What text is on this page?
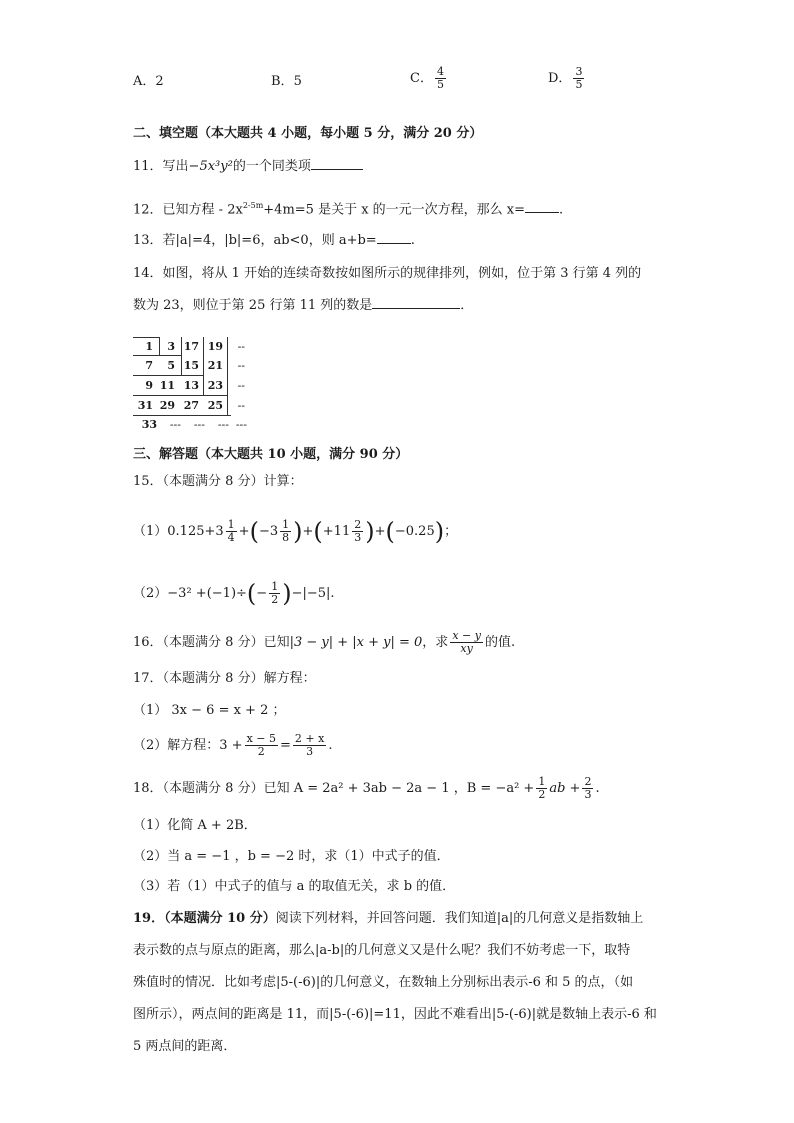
A．2	B．5	C． $\frac{4}{5}$	D． $\frac{3}{5}$
二、填空题（本大题共 4 小题，每小题 5 分，满分 20 分）
11．写出−5x³y²的一个同类项
12．已知方程 - $2x^{2-5m}+4m=5$ 是关于 x 的一元一次方程，那么 x=	.
13．若|a|=4，|b|=6，ab<0，则 a+b=	.
14．如图，将从 1 开始的连续奇数按如图所示的规律排列，例如，位于第 3 行第 4 列的
数为 23，则位于第 25 行第 11 列的数是	．
1	3 17 19	--
7	5 15 21	--
9 11 13 23	--
31 29 27 25	--
33	---	---	--- ---
三、解答题（本大题共 10 小题，满分 90 分）
15．（本题满分 8 分）计算：
$(1)0.125+3 \frac{1}{4} +(-3 \frac{1}{8} )+(+11 \frac{2}{3} )+(-0.25)$；
$(2)-3^2 +(-1)\div(- \frac{1}{2} )-|-5|$.
16．（本题满分 8 分）已知|3 − y| + |x + y| = 0，求 $\frac{x - y}{xy}$ 的值.
17．（本题满分 8 分）解方程：
（1） 3x − 6 = x + 2 ；
（2）解方程：$3 + \frac{x - 5}{2} = \frac{2 + x}{3}$ .
18．（本题满分 8 分）已知 A = 2a² + 3ab − 2a − 1 ，$B = -a^2 + \frac{1}{2}$ ab + $\frac{2}{3}$ .
（1）化简 A + 2B．
（2）当 a = −1 ，b = −2 时，求（1）中式子的值．
（3）若（1）中式子的值与 a 的取值无关，求 b 的值．
19．（本题满分 10 分）阅读下列材料，并回答问题．我们知道|a|的几何意义是指数轴上
表示数的点与原点的距离，那么|a-b|的几何意义又是什么呢？我们不妨考虑一下，取特
殊值时的情况．比如考虑|5-(-6)|的几何意义，在数轴上分别标出表示-6 和 5 的点，（如
图所示），两点间的距离是 11，而|5-(-6)|=11，因此不难看出|5-(-6)|就是数轴上表示-6 和
5 两点间的距离．
